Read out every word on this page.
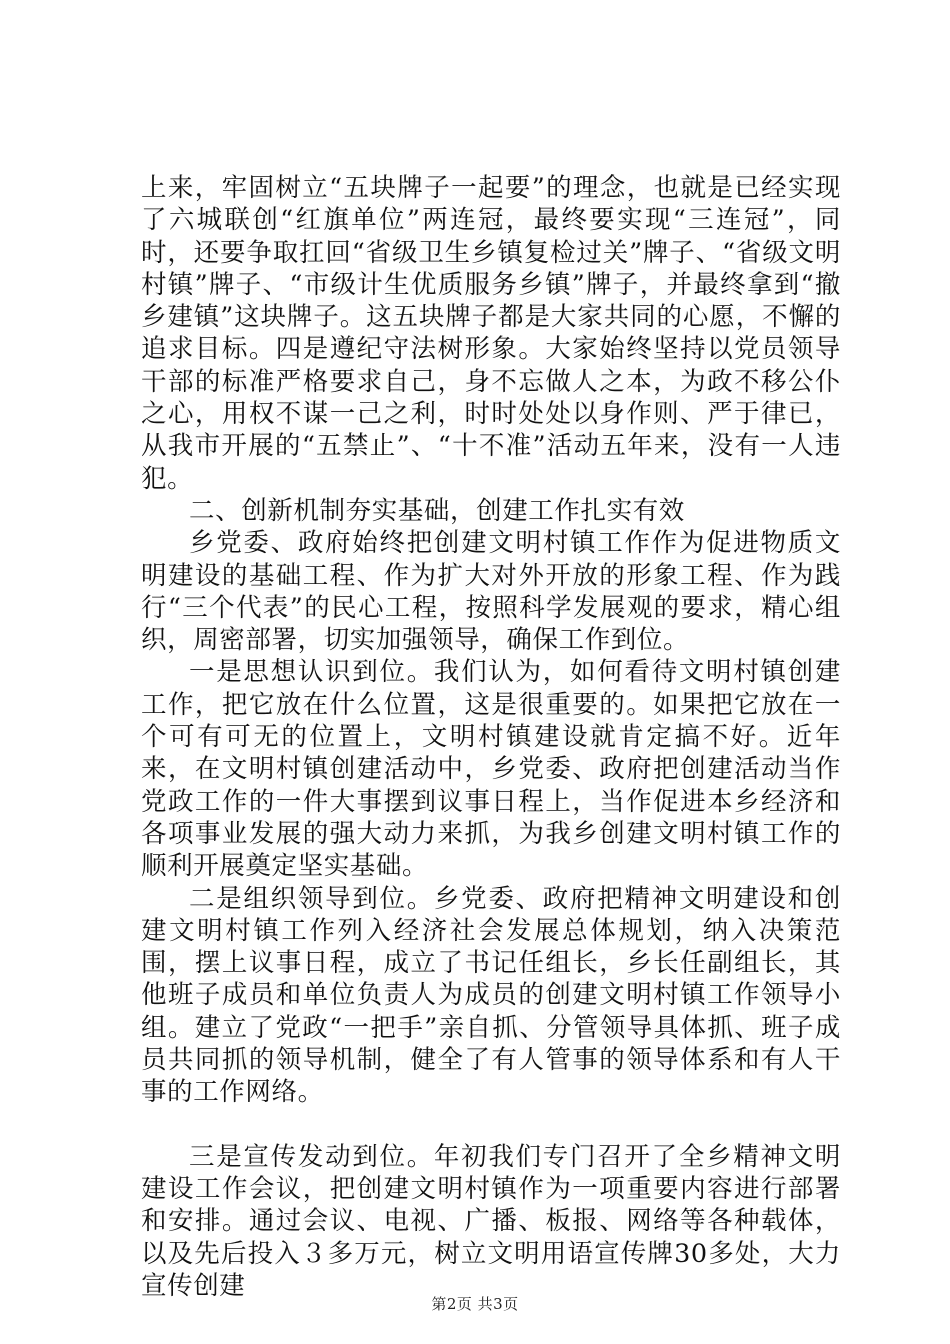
上来，牢固树立“五块牌子一起要”的理念，也就是已经实现了六城联创“红旗单位”两连冠，最终要实现“三连冠”，同时，还要争取扛回“省级卫生乡镇复检过关”牌子、“省级文明村镇”牌子、“市级计生优质服务乡镇”牌子，并最终拿到“撤乡建镇”这块牌子。这五块牌子都是大家共同的心愿，不懈的追求目标。四是遵纪守法树形象。大家始终坚持以党员领导干部的标准严格要求自己，身不忘做人之本，为政不移公仆之心，用权不谋一己之利，时时处处以身作则、严于律已，从我市开展的“五禁止”、“十不准”活动五年来，没有一人违犯。

二、创新机制夯实基础，创建工作扎实有效

乡党委、政府始终把创建文明村镇工作作为促进物质文明建设的基础工程、作为扩大对外开放的形象工程、作为践行“三个代表”的民心工程，按照科学发展观的要求，精心组织，周密部署，切实加强领导，确保工作到位。

一是思想认识到位。我们认为，如何看待文明村镇创建工作，把它放在什么位置，这是很重要的。如果把它放在一个可有可无的位置上，文明村镇建设就肯定搞不好。近年来，在文明村镇创建活动中，乡党委、政府把创建活动当作党政工作的一件大事摆到议事日程上，当作促进本乡经济和各项事业发展的强大动力来抓，为我乡创建文明村镇工作的顺利开展奠定坚实基础。

二是组织领导到位。乡党委、政府把精神文明建设和创建文明村镇工作列入经济社会发展总体规划，纳入决策范围，摆上议事日程，成立了书记任组长，乡长任副组长，其他班子成员和单位负责人为成员的创建文明村镇工作领导小组。建立了党政“一把手”亲自抓、分管领导具体抓、班子成员共同抓的领导机制，健全了有人管事的领导体系和有人干事的工作网络。

三是宣传发动到位。年初我们专门召开了全乡精神文明建设工作会议，把创建文明村镇作为一项重要内容进行部署和安排。通过会议、电视、广播、板报、网络等各种载体，以及先后投入３多万元，树立文明用语宣传牌30多处，大力宣传创建

第2页 共3页
